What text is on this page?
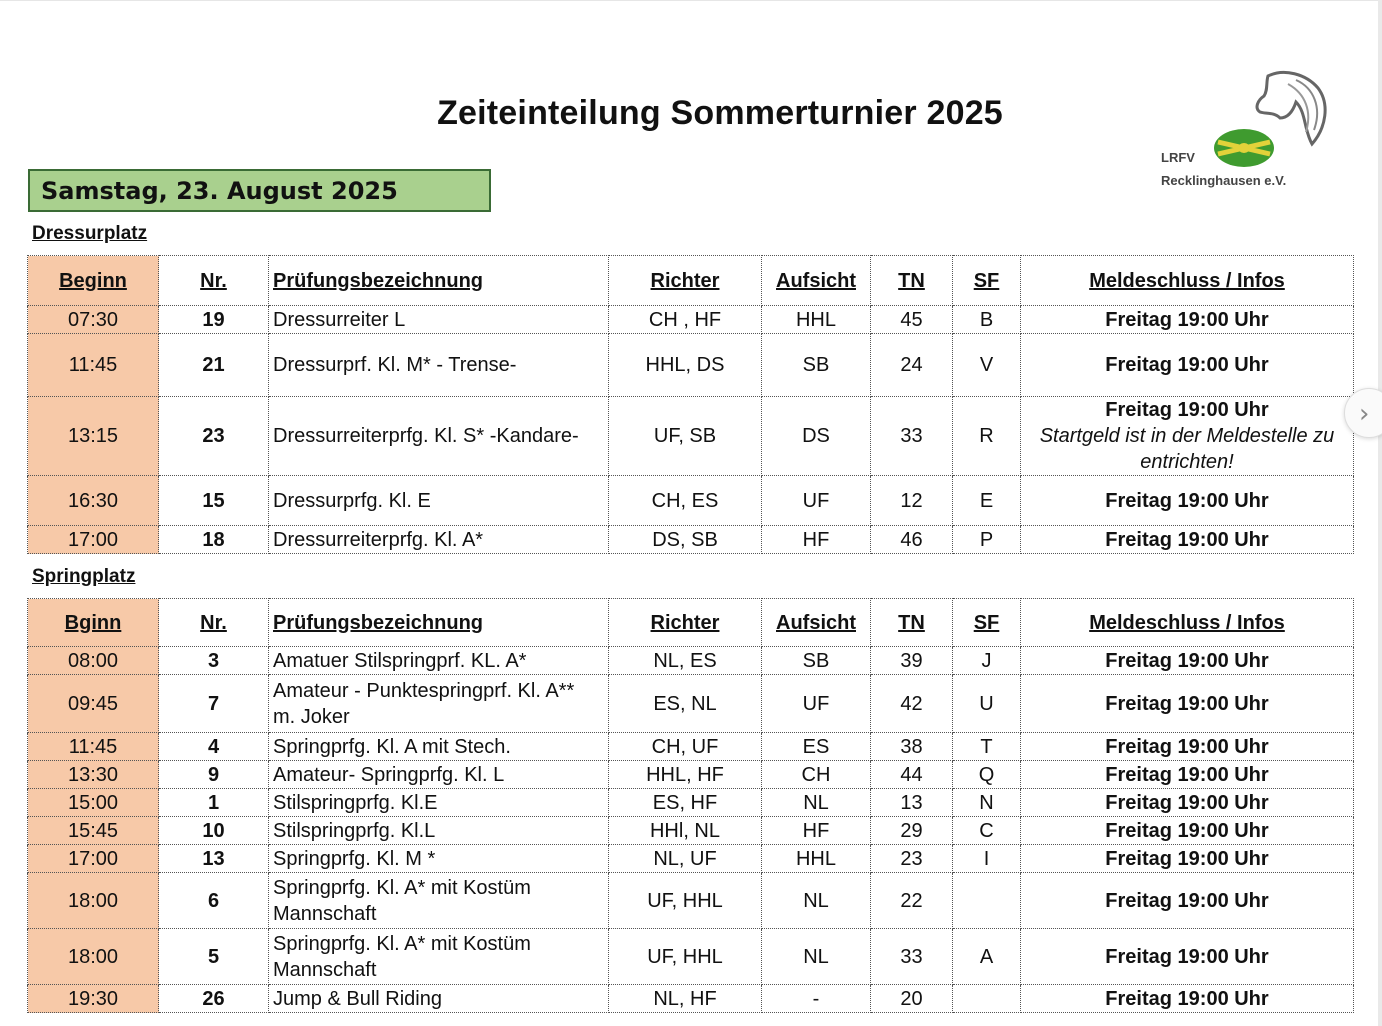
Zeiteinteilung Sommerturnier 2025
LRFV
Recklinghausen e.V.
Samstag, 23. August 2025
Dressurplatz
Beginn	Nr.	Prüfungsbezeichnung	Richter	Aufsicht	TN	SF	Meldeschluss / Infos
07:30	19	Dressurreiter L	CH , HF	HHL	45	B	Freitag 19:00 Uhr
11:45	21	Dressurprf. Kl. M* - Trense-	HHL, DS	SB	24	V	Freitag 19:00 Uhr
13:15	23	Dressurreiterprfg. Kl. S* -Kandare-	UF, SB	DS	33	R	Freitag 19:00 Uhr
Startgeld ist in der Meldestelle zu entrichten!

16:30	15	Dressurprfg. Kl. E	CH, ES	UF	12	E	Freitag 19:00 Uhr
17:00	18	Dressurreiterprfg. Kl. A*	DS, SB	HF	46	P	Freitag 19:00 Uhr
Springplatz
Bginn	Nr.	Prüfungsbezeichnung	Richter	Aufsicht	TN	SF	Meldeschluss / Infos
08:00	3	Amatuer Stilspringprf. KL. A*	NL, ES	SB	39	J	Freitag 19:00 Uhr
09:45	7	Amateur - Punktespringprf. Kl. A**
m. Joker	ES, NL	UF	42	U	Freitag 19:00 Uhr
11:45	4	Springprfg. Kl. A mit Stech.	CH, UF	ES	38	T	Freitag 19:00 Uhr
13:30	9	Amateur- Springprfg. Kl. L	HHL, HF	CH	44	Q	Freitag 19:00 Uhr
15:00	1	Stilspringprfg. Kl.E	ES, HF	NL	13	N	Freitag 19:00 Uhr
15:45	10	Stilspringprfg. Kl.L	HHl, NL	HF	29	C	Freitag 19:00 Uhr
17:00	13	Springprfg. Kl. M *	NL, UF	HHL	23	I	Freitag 19:00 Uhr
18:00	6	Springprfg. Kl. A* mit Kostüm
Mannschaft	UF, HHL	NL	22		Freitag 19:00 Uhr
18:00	5	Springprfg. Kl. A* mit Kostüm
Mannschaft	UF, HHL	NL	33	A	Freitag 19:00 Uhr
19:30	26	Jump & Bull Riding	NL, HF	-	20		Freitag 19:00 Uhr
›
